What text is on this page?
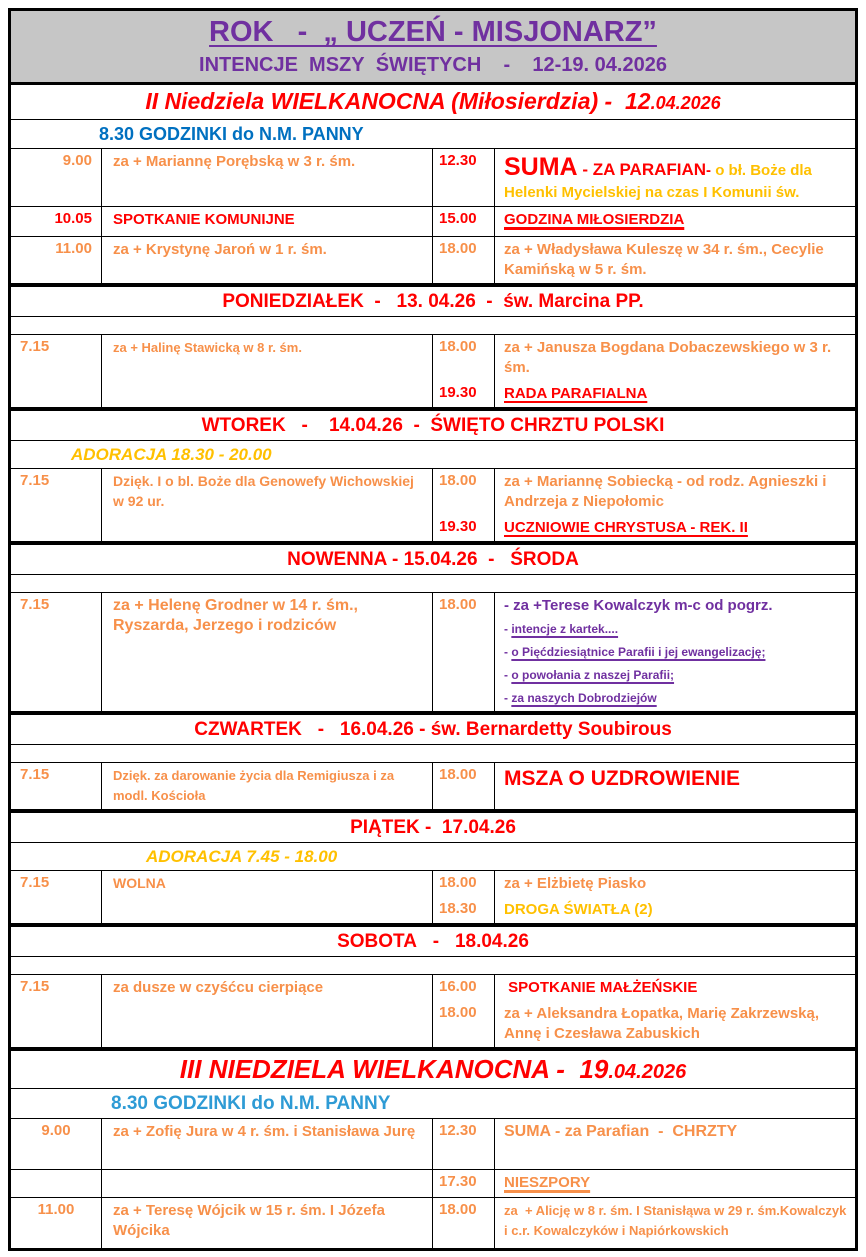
ROK   -  „ UCZEŃ - MISJONARZ”
INTENCJE  MSZY  ŚWIĘTYCH    -    12-19. 04.2026
II Niedziela WIELKANOCNA (Miłosierdzia) -  12.04.2026
8.30 GODZINKI do N.M. PANNY
9.00	za + Mariannę Porębską w 3 r. śm.	12.30	SUMA - ZA PARAFIAN- o bł. Boże dla Helenki Mycielskiej na czas I Komunii św.
10.05	SPOTKANIE KOMUNIJNE	15.00	GODZINA MIŁOSIERDZIA
11.00	za + Krystynę Jaroń w 1 r. śm.	18.00	za + Władysława Kuleszę w 34 r. śm., Cecylie Kamińską w 5 r. śm.
PONIEDZIAŁEK  -   13. 04.26  -  św. Marcina PP.
7.15	za + Halinę Stawicką w 8 r. śm.	18.00	za + Janusza Bogdana Dobaczewskiego w 3 r. śm.
19.30	RADA PARAFIALNA
WTOREK   -    14.04.26  -  ŚWIĘTO CHRZTU POLSKI
ADORACJA 18.30 - 20.00
7.15	Dzięk. I o bl. Boże dla Genowefy Wichowskiej w 92 ur.
18.00	za + Mariannę Sobiecką - od rodz. Agnieszki i Andrzeja z Niepołomic
19.30	UCZNIOWIE CHRYSTUSA - REK. II
NOWENNA - 15.04.26  -   ŚRODA
7.15	za + Helenę Grodner w 14 r. śm., Ryszarda, Jerzego i rodziców
18.00	- za +Terese Kowalczyk m-c od pogrz.
- intencje z kartek....
- o Pięćdziesiątnice Parafii i jej ewangelizację;
- o powołania z naszej Parafii;
- za naszych Dobrodziejów
CZWARTEK   -   16.04.26 - św. Bernardetty Soubirous
7.15	Dzięk. za darowanie życia dla Remigiusza i za modl. Kościoła
18.00	MSZA O UZDROWIENIE
PIĄTEK -  17.04.26
ADORACJA 7.45 - 18.00
7.15	WOLNA	18.00	za + Elżbietę Piasko
18.30	DROGA ŚWIATŁA (2)
SOBOTA   -   18.04.26
7.15	za dusze w czyśćcu cierpiące	16.00	SPOTKANIE MAŁŻEŃSKIE
18.00	za + Aleksandra Łopatka, Marię Zakrzewską, Annę i Czesława Zabuskich
III NIEDZIELA WIELKANOCNA -  19.04.2026
8.30 GODZINKI do N.M. PANNY
9.00	za + Zofię Jura w 4 r. śm. i Stanisława Jurę	12.30	SUMA - za Parafian  -  CHRZTY
17.30	NIESZPORY
11.00	za + Teresę Wójcik w 15 r. śm. I Józefa Wójcika
18.00	za  + Alicję w 8 r. śm. I Stanisłąwa w 29 r. śm.Kowalczyk i c.r. Kowalczyków i Napiórkowskich
